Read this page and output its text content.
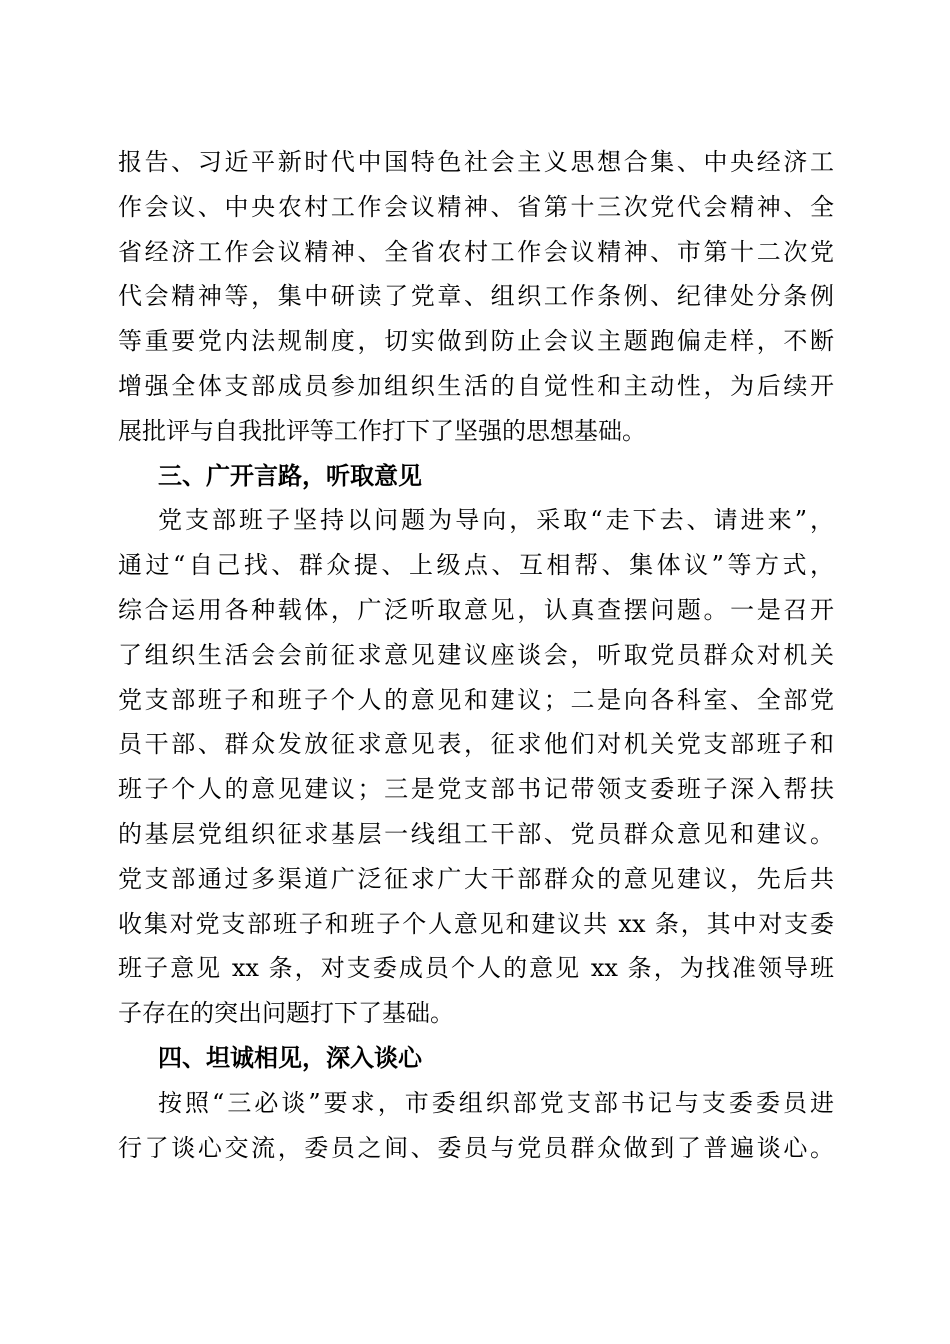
报告、习近平新时代中国特色社会主义思想合集、中央经济工
作会议、中央农村工作会议精神、省第十三次党代会精神、全
省经济工作会议精神、全省农村工作会议精神、市第十二次党
代会精神等，集中研读了党章、组织工作条例、纪律处分条例
等重要党内法规制度，切实做到防止会议主题跑偏走样，不断
增强全体支部成员参加组织生活的自觉性和主动性，为后续开
展批评与自我批评等工作打下了坚强的思想基础。
三、广开言路，听取意见
党支部班子坚持以问题为导向，采取“走下去、请进来”，
通过“自己找、群众提、上级点、互相帮、集体议”等方式，
综合运用各种载体，广泛听取意见，认真查摆问题。一是召开
了组织生活会会前征求意见建议座谈会，听取党员群众对机关
党支部班子和班子个人的意见和建议；二是向各科室、全部党
员干部、群众发放征求意见表，征求他们对机关党支部班子和
班子个人的意见建议；三是党支部书记带领支委班子深入帮扶
的基层党组织征求基层一线组工干部、党员群众意见和建议。
党支部通过多渠道广泛征求广大干部群众的意见建议，先后共
收集对党支部班子和班子个人意见和建议共 xx 条，其中对支委
班子意见 xx 条，对支委成员个人的意见 xx 条，为找准领导班
子存在的突出问题打下了基础。
四、坦诚相见，深入谈心
按照“三必谈”要求，市委组织部党支部书记与支委委员进
行了谈心交流，委员之间、委员与党员群众做到了普遍谈心。
